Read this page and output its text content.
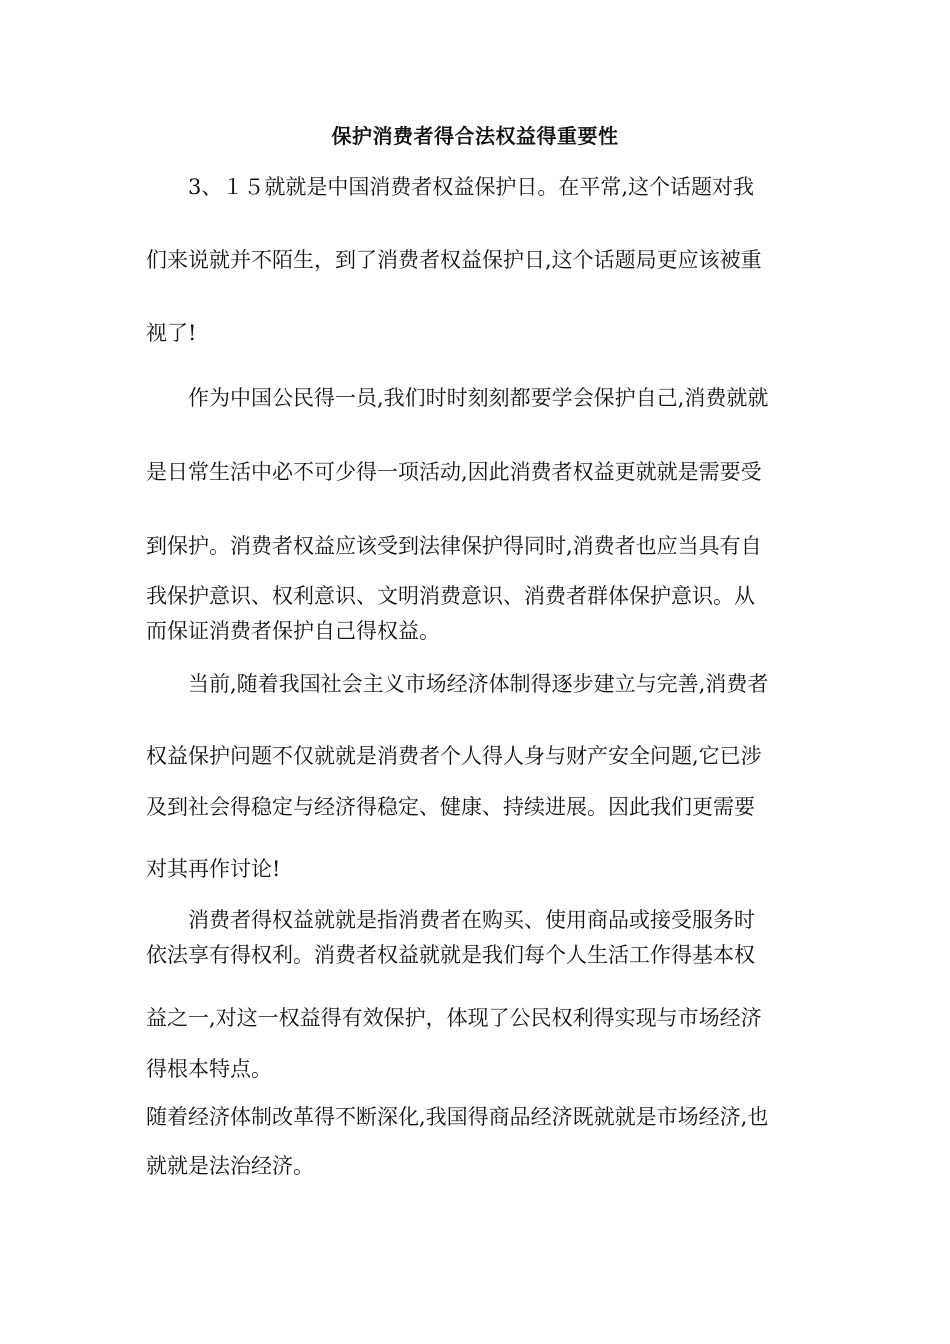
保护消费者得合法权益得重要性
3、１５就就是中国消费者权益保护日。在平常,这个话题对我
们来说就并不陌生，到了消费者权益保护日,这个话题局更应该被重
视了!
作为中国公民得一员,我们时时刻刻都要学会保护自己,消费就就
是日常生活中必不可少得一项活动,因此消费者权益更就就是需要受
到保护。消费者权益应该受到法律保护得同时,消费者也应当具有自
我保护意识、权利意识、文明消费意识、消费者群体保护意识。从
而保证消费者保护自己得权益。
当前,随着我国社会主义市场经济体制得逐步建立与完善,消费者
权益保护问题不仅就就是消费者个人得人身与财产安全问题,它已涉
及到社会得稳定与经济得稳定、健康、持续进展。因此我们更需要
对其再作讨论!
消费者得权益就就是指消费者在购买、使用商品或接受服务时
依法享有得权利。消费者权益就就是我们每个人生活工作得基本权
益之一,对这一权益得有效保护，体现了公民权利得实现与市场经济
得根本特点。
随着经济体制改革得不断深化,我国得商品经济既就就是市场经济,也
就就是法治经济。
